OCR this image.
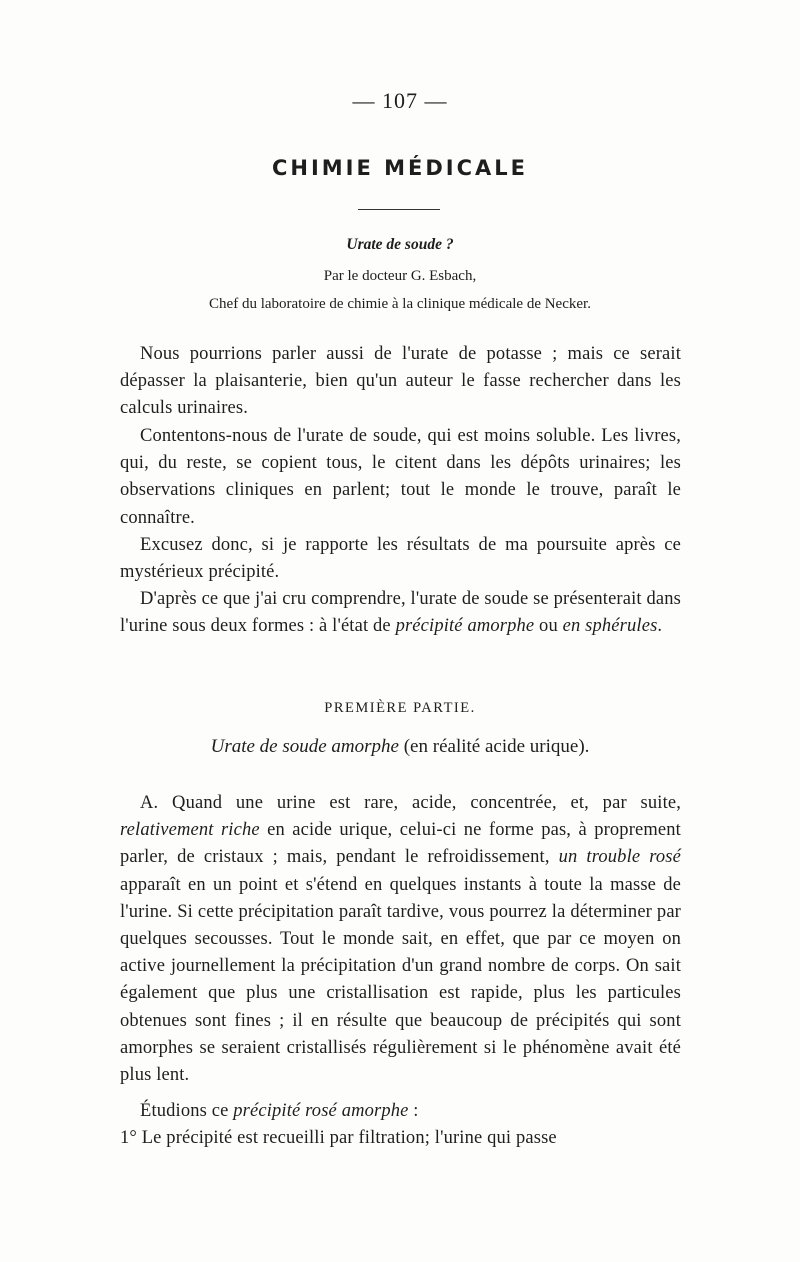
— 107 —
CHIMIE MÉDICALE
Urate de soude ?
Par le docteur G. Esbach,
Chef du laboratoire de chimie à la clinique médicale de Necker.

Nous pourrions parler aussi de l'urate de potasse ; mais ce serait dépasser la plaisanterie, bien qu'un auteur le fasse rechercher dans les calculs urinaires.

Contentons-nous de l'urate de soude, qui est moins soluble. Les livres, qui, du reste, se copient tous, le citent dans les dépôts urinaires; les observations cliniques en parlent; tout le monde le trouve, paraît le connaître.

Excusez donc, si je rapporte les résultats de ma poursuite après ce mystérieux précipité.

D'après ce que j'ai cru comprendre, l'urate de soude se présenterait dans l'urine sous deux formes : à l'état de précipité amorphe ou en sphérules.

PREMIÈRE PARTIE.
Urate de soude amorphe (en réalité acide urique).

A. Quand une urine est rare, acide, concentrée, et, par suite, relativement riche en acide urique, celui-ci ne forme pas, à proprement parler, de cristaux ; mais, pendant le refroidissement, un trouble rosé apparaît en un point et s'étend en quelques instants à toute la masse de l'urine. Si cette précipitation paraît tardive, vous pourrez la déterminer par quelques secousses. Tout le monde sait, en effet, que par ce moyen on active journellement la précipitation d'un grand nombre de corps. On sait également que plus une cristallisation est rapide, plus les particules obtenues sont fines ; il en résulte que beaucoup de précipités qui sont amorphes se seraient cristallisés régulièrement si le phénomène avait été plus lent.

Étudions ce précipité rosé amorphe :

1° Le précipité est recueilli par filtration; l'urine qui passe
